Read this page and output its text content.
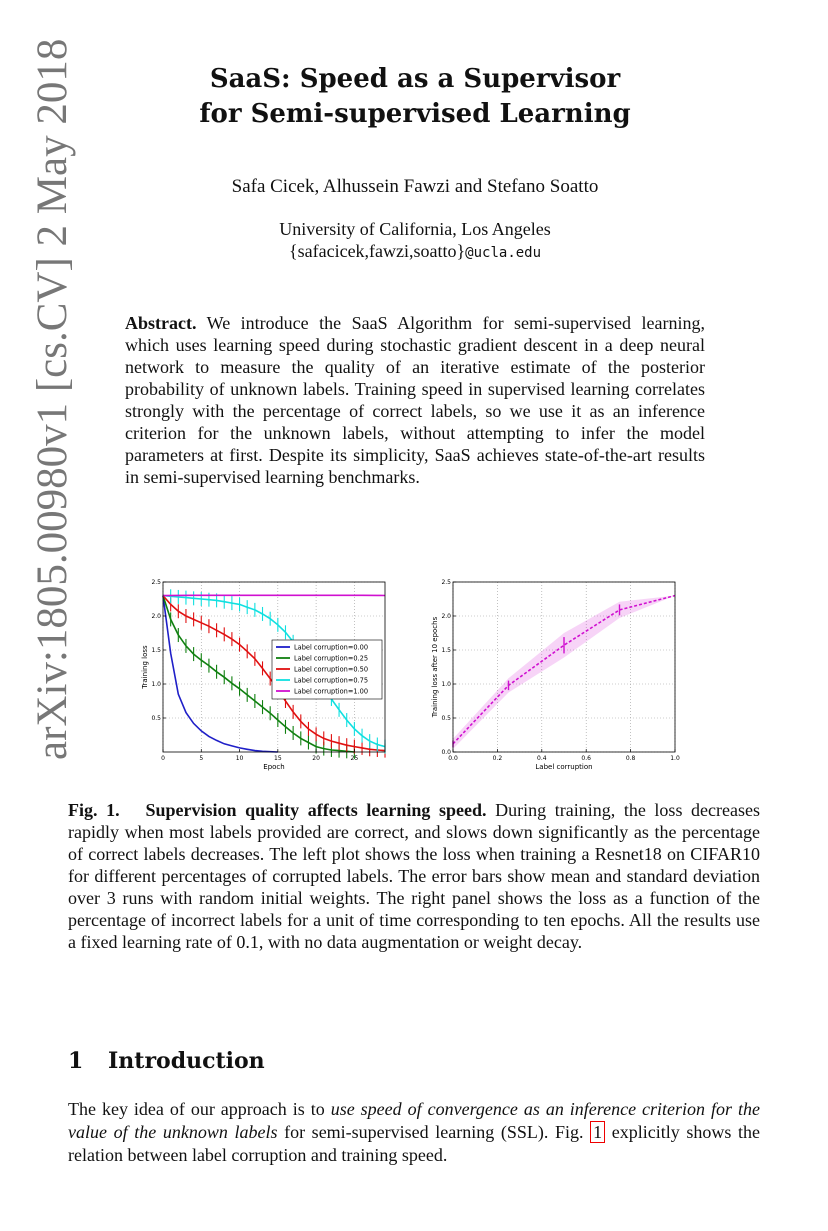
arXiv:1805.00980v1 [cs.CV] 2 May 2018	SaaS: Speed as a Supervisor
for Semi-supervised Learning

Safa Cicek, Alhussein Fawzi and Stefano Soatto

University of California, Los Angeles

{safacicek,fawzi,soatto}@ucla.edu

Abstract. We introduce the SaaS Algorithm for semi-supervised learning, which uses learning speed during stochastic gradient descent in a deep neural network to measure the quality of an iterative estimate of the posterior probability of unknown labels. Training speed in supervised learning correlates strongly with the percentage of correct labels, so we use it as an inference criterion for the unknown labels, without attempting to infer the model parameters at first. Despite its simplicity, SaaS achieves state-of-the-art results in semi-supervised learning benchmarks.

0	5	10	15	20	25
0.5
1.0
1.5
2.0
2.5
Epoch
Training loss	Label corruption=0.00
Label corruption=0.25
Label corruption=0.50
Label corruption=0.75
Label corruption=1.00
0.0	0.2	0.4	0.6	0.8	1.0
0.0
0.5
1.0
1.5
2.0
2.5
Label corruption
Training loss after 10 epochs

Fig. 1. Supervision quality affects learning speed. During training, the loss decreases rapidly when most labels provided are correct, and slows down significantly as the percentage of correct labels decreases. The left plot shows the loss when training a Resnet18 on CIFAR10 for different percentages of corrupted labels. The error bars show mean and standard deviation over 3 runs with random initial weights. The right panel shows the loss as a function of the percentage of incorrect labels for a unit of time corresponding to ten epochs. All the results use a fixed learning rate of 0.1, with no data augmentation or weight decay.

1 Introduction

The key idea of our approach is to use speed of convergence as an inference criterion for the value of the unknown labels for semi-supervised learning (SSL). Fig. 1 explicitly shows the relation between label corruption and training speed.
